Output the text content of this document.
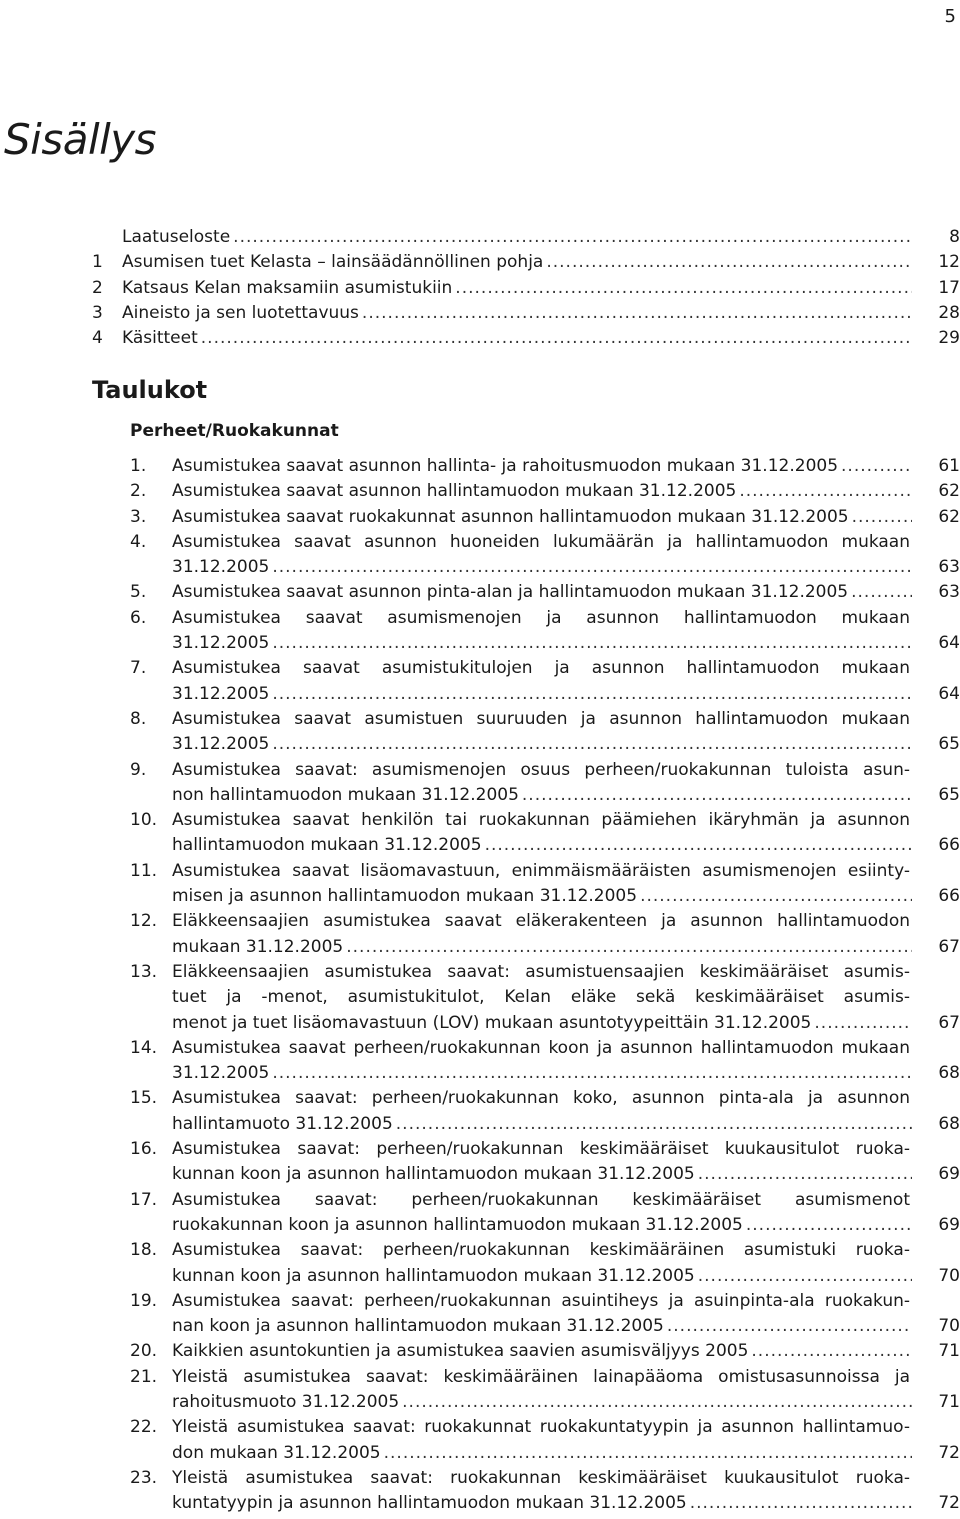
5
Sisällys
Laatuseloste .....	8
1	Asumisen tuet Kelasta – lainsäädännöllinen pohja .....	12
2	Katsaus Kelan maksamiin asumistukiin .....	17
3	Aineisto ja sen luotettavuus .....	28
4	Käsitteet .....	29
Taulukot
Perheet/Ruokakunnat
1.	Asumistukea saavat asunnon hallinta- ja rahoitusmuodon mukaan 31.12.2005 .....	61
2.	Asumistukea saavat asunnon hallintamuodon mukaan 31.12.2005 .....	62
3.	Asumistukea saavat ruokakunnat asunnon hallintamuodon mukaan 31.12.2005 .....	62
4.	Asumistukea saavat asunnon huoneiden lukumäärän ja hallintamuodon mukaan
31.12.2005 .....	63
5.	Asumistukea saavat asunnon pinta-alan ja hallintamuodon mukaan 31.12.2005 .....	63
6.	Asumistukea saavat asumismenojen ja asunnon hallintamuodon mukaan
31.12.2005 .....	64
7.	Asumistukea saavat asumistukitulojen ja asunnon hallintamuodon mukaan
31.12.2005 .....	64
8.	Asumistukea saavat asumistuen suuruuden ja asunnon hallintamuodon mukaan
31.12.2005 .....	65
9.	Asumistukea saavat: asumismenojen osuus perheen/ruokakunnan tuloista asun-
non hallintamuodon mukaan 31.12.2005 .....	65
10. Asumistukea saavat henkilön tai ruokakunnan päämiehen ikäryhmän ja asunnon
hallintamuodon mukaan 31.12.2005 .....	66
11. Asumistukea saavat lisäomavastuun, enimmäismääräisten asumismenojen esiinty-
misen ja asunnon hallintamuodon mukaan 31.12.2005 .....	66
12. Eläkkeensaajien asumistukea saavat eläkerakenteen ja asunnon hallintamuodon
mukaan 31.12.2005 .....	67
13. Eläkkeensaajien asumistukea saavat: asumistuensaajien keskimääräiset asumis-
tuet ja -menot, asumistukitulot, Kelan eläke sekä keskimääräiset asumis-
menot ja tuet lisäomavastuun (LOV) mukaan asuntotyypeittäin 31.12.2005 .....	67
14. Asumistukea saavat perheen/ruokakunnan koon ja asunnon hallintamuodon mukaan
31.12.2005 .....	68
15. Asumistukea saavat: perheen/ruokakunnan koko, asunnon pinta-ala ja asunnon
hallintamuoto 31.12.2005 .....	68
16. Asumistukea saavat: perheen/ruokakunnan keskimääräiset kuukausitulot ruoka-
kunnan koon ja asunnon hallintamuodon mukaan 31.12.2005 .....	69
17. Asumistukea saavat: perheen/ruokakunnan keskimääräiset asumismenot
ruokakunnan koon ja asunnon hallintamuodon mukaan 31.12.2005 .....	69
18. Asumistukea saavat: perheen/ruokakunnan keskimääräinen asumistuki ruoka-
kunnan koon ja asunnon hallintamuodon mukaan 31.12.2005 .....	70
19. Asumistukea saavat: perheen/ruokakunnan asuintiheys ja asuinpinta-ala ruokakun-
nan koon ja asunnon hallintamuodon mukaan 31.12.2005 .....	70
20. Kaikkien asuntokuntien ja asumistukea saavien asumisväljyys 2005 .....	71
21. Yleistä asumistukea saavat: keskimääräinen lainapääoma omistusasunnoissa ja
rahoitusmuoto 31.12.2005 .....	71
22. Yleistä asumistukea saavat: ruokakunnat ruokakuntatyypin ja asunnon hallintamuo-
don mukaan 31.12.2005 .....	72
23. Yleistä asumistukea saavat: ruokakunnan keskimääräiset kuukausitulot ruoka-
kuntatyypin ja asunnon hallintamuodon mukaan 31.12.2005 .....	72
